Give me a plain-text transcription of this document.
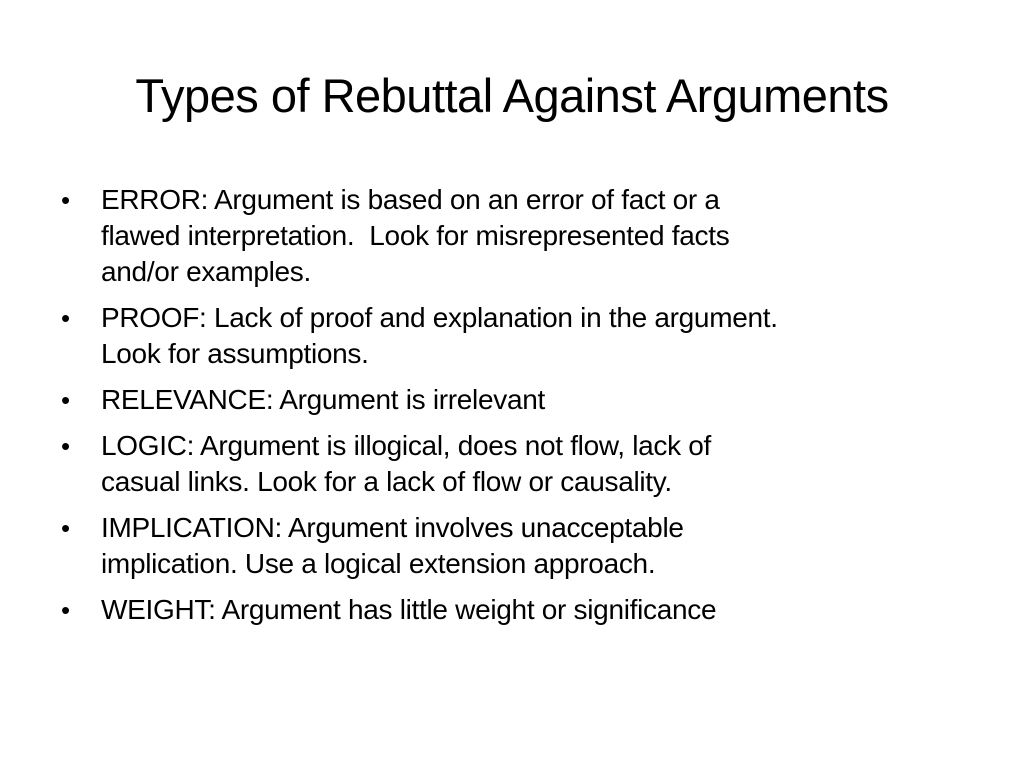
Types of Rebuttal Against Arguments
• ERROR: Argument is based on an error of fact or a
flawed interpretation.  Look for misrepresented facts
and/or examples.
• PROOF: Lack of proof and explanation in the argument.
Look for assumptions.
• RELEVANCE: Argument is irrelevant
• LOGIC: Argument is illogical, does not flow, lack of
casual links. Look for a lack of flow or causality.
• IMPLICATION: Argument involves unacceptable
implication. Use a logical extension approach.
• WEIGHT: Argument has little weight or significance
